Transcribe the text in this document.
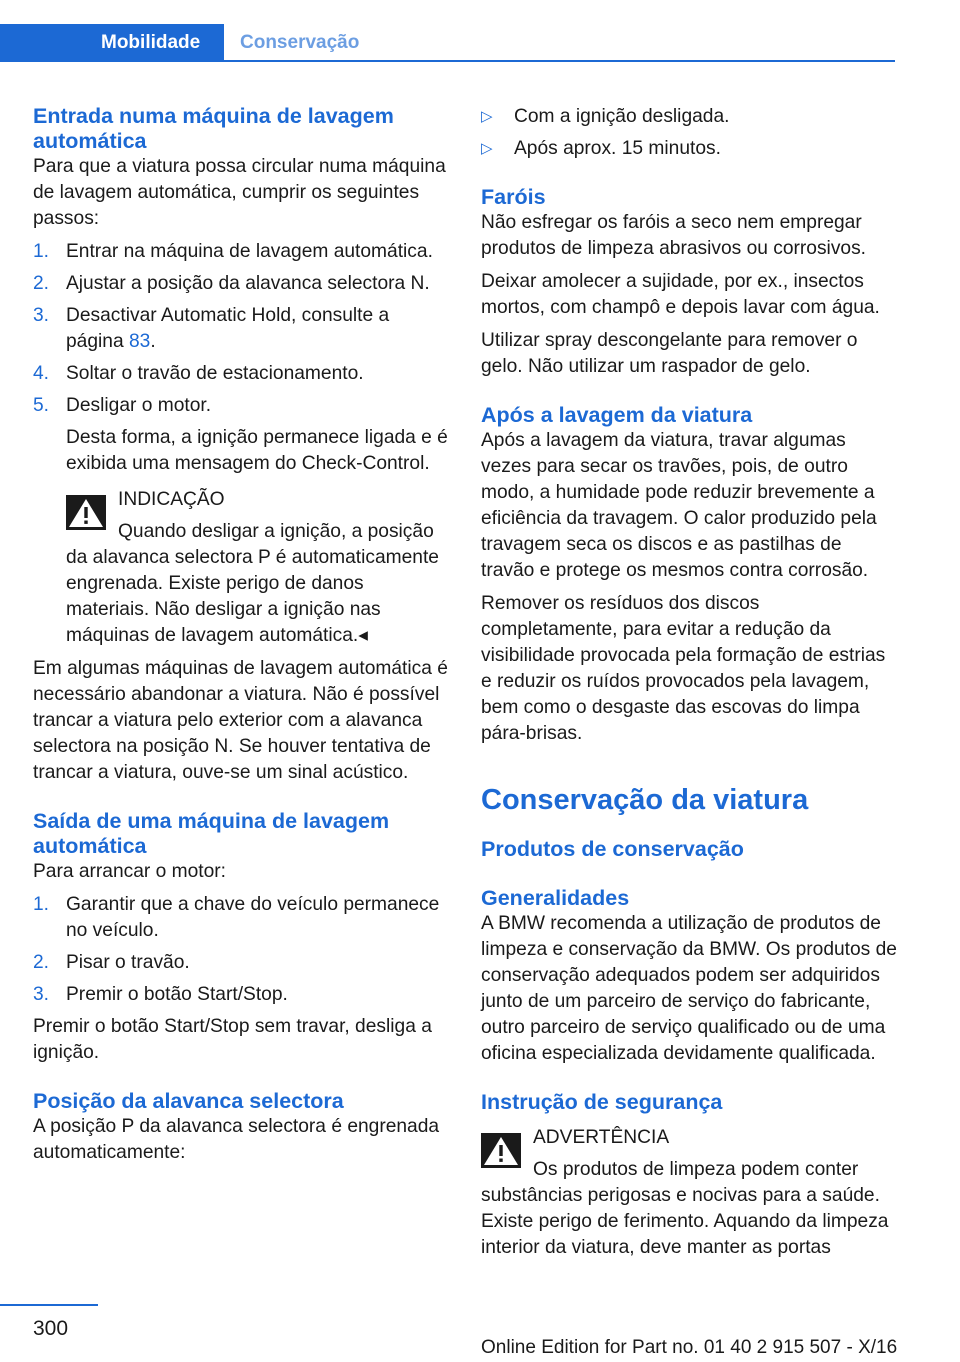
Mobilidade	Conservação
Entrada numa máquina de lavagem automática

Para que a viatura possa circular numa máquina de lavagem automática, cumprir os seguintes passos:

1. Entrar na máquina de lavagem automática.
2. Ajustar a posição da alavanca selectora N.
3. Desactivar Automatic Hold, consulte a página 83.
4. Soltar o travão de estacionamento.
5. Desligar o motor.

Desta forma, a ignição permanece ligada e é exibida uma mensagem do Check-Control.

INDICAÇÃO

Quando desligar a ignição, a posição da alavanca selectora P é automaticamente engrenada. Existe perigo de danos materiais. Não desligar a ignição nas máquinas de lavagem automática.◂

Em algumas máquinas de lavagem automática é necessário abandonar a viatura. Não é possível trancar a viatura pelo exterior com a alavanca selectora na posição N. Se houver tentativa de trancar a viatura, ouve-se um sinal acústico.

Saída de uma máquina de lavagem automática

Para arrancar o motor:

1. Garantir que a chave do veículo permanece no veículo.
2. Pisar o travão.
3. Premir o botão Start/Stop.

Premir o botão Start/Stop sem travar, desliga a ignição.

Posição da alavanca selectora

A posição P da alavanca selectora é engrenada automaticamente:

▷ Com a ignição desligada.
▷ Após aprox. 15 minutos.
Faróis

Não esfregar os faróis a seco nem empregar produtos de limpeza abrasivos ou corrosivos.

Deixar amolecer a sujidade, por ex., insectos mortos, com champô e depois lavar com água.

Utilizar spray descongelante para remover o gelo. Não utilizar um raspador de gelo.

Após a lavagem da viatura

Após a lavagem da viatura, travar algumas vezes para secar os travões, pois, de outro modo, a humidade pode reduzir brevemente a eficiência da travagem. O calor produzido pela travagem seca os discos e as pastilhas de travão e protege os mesmos contra corrosão.

Remover os resíduos dos discos completamente, para evitar a redução da visibilidade provocada pela formação de estrias e reduzir os ruídos provocados pela lavagem, bem como o desgaste das escovas do limpa pára-brisas.

Conservação da viatura
Produtos de conservação
Generalidades

A BMW recomenda a utilização de produtos de limpeza e conservação da BMW. Os produtos de conservação adequados podem ser adquiridos junto de um parceiro de serviço do fabricante, outro parceiro de serviço qualificado ou de uma oficina especializada devidamente qualificada.

Instrução de segurança

ADVERTÊNCIA

Os produtos de limpeza podem conter substâncias perigosas e nocivas para a saúde. Existe perigo de ferimento. Aquando da limpeza interior da viatura, deve manter as portas

300
Online Edition for Part no. 01 40 2 915 507 - X/16
